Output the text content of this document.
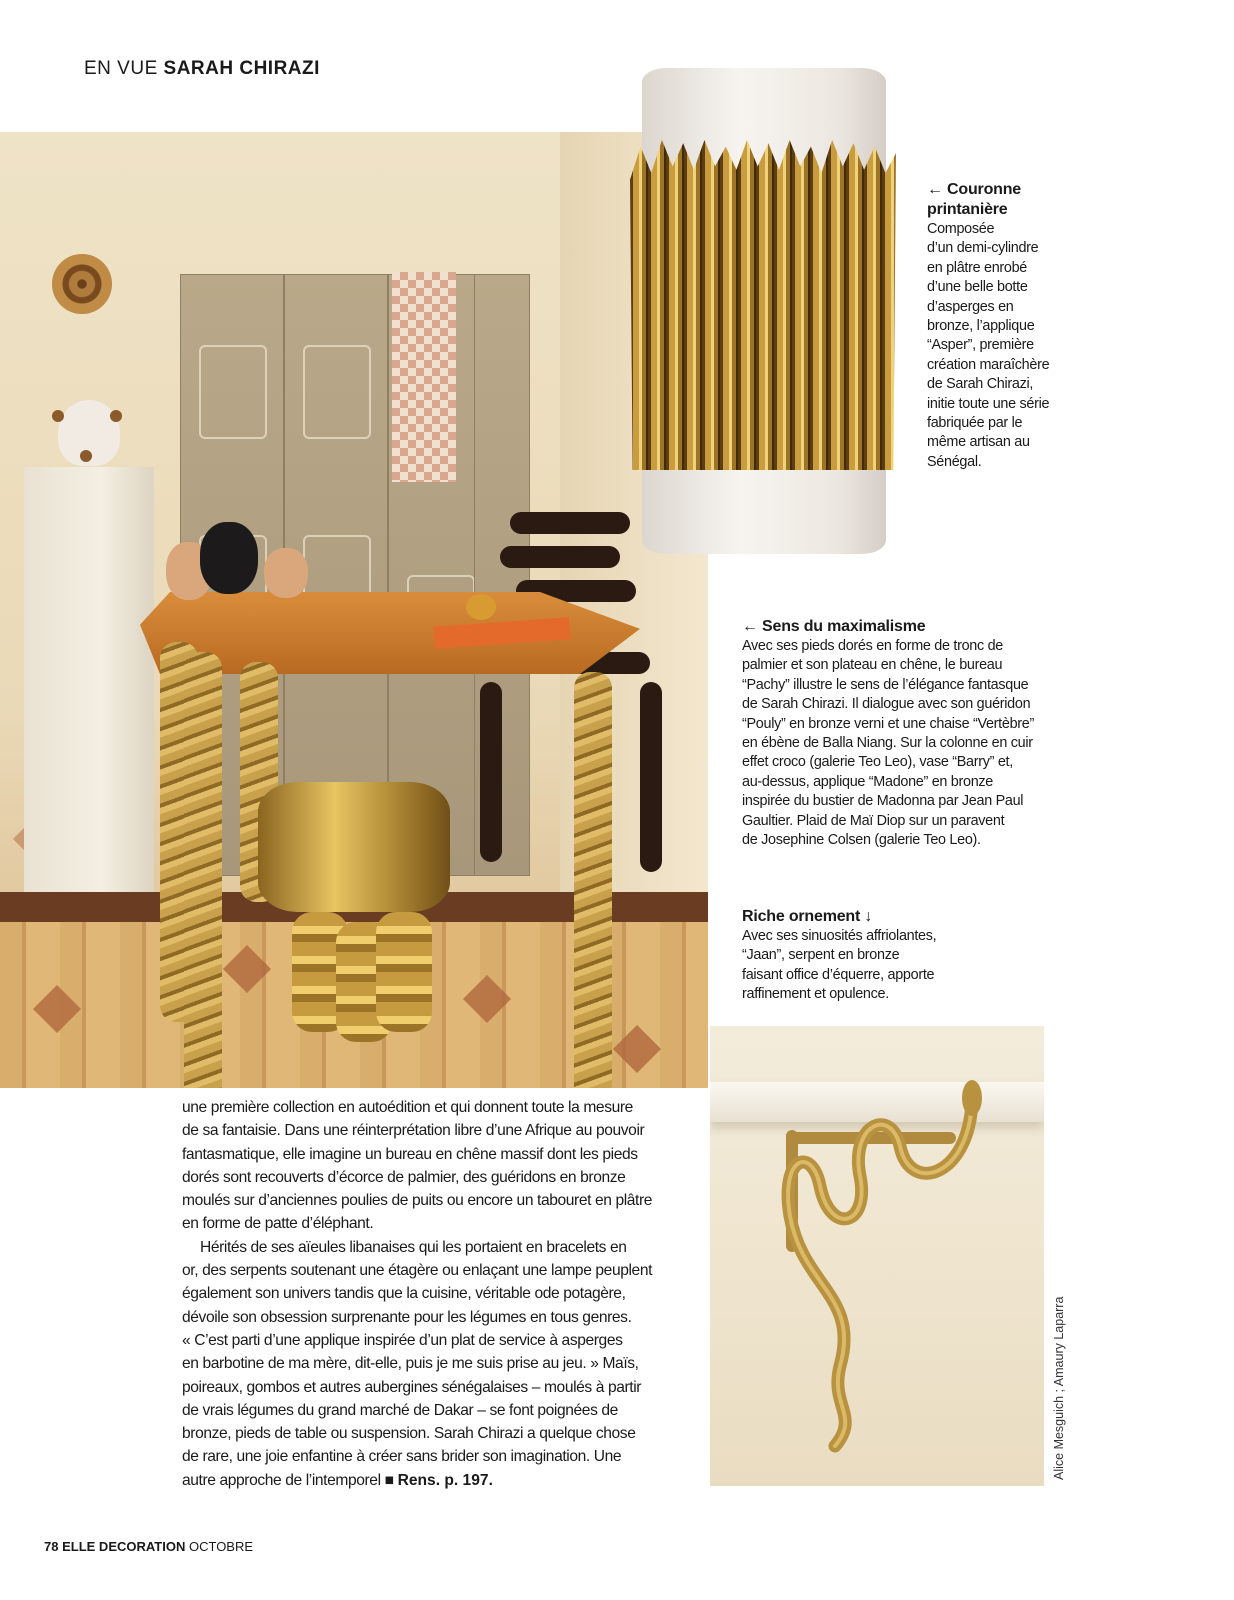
EN VUE SARAH CHIRAZI
← Couronne
printanière
Composée
d’un demi-cylindre
en plâtre enrobé
d’une belle botte
d’asperges en
bronze, l’applique
“Asper”, première
création maraîchère
de Sarah Chirazi,
initie toute une série
fabriquée par le
même artisan au
Sénégal.
← Sens du maximalisme
Avec ses pieds dorés en forme de tronc de
palmier et son plateau en chêne, le bureau
“Pachy” illustre le sens de l’élégance fantasque
de Sarah Chirazi. Il dialogue avec son guéridon
“Pouly” en bronze verni et une chaise “Vertèbre”
en ébène de Balla Niang. Sur la colonne en cuir
effet croco (galerie Teo Leo), vase “Barry” et,
au-dessus, applique “Madone” en bronze
inspirée du bustier de Madonna par Jean Paul
Gaultier. Plaid de Maï Diop sur un paravent
de Josephine Colsen (galerie Teo Leo).
Riche ornement ↓
Avec ses sinuosités affriolantes,
“Jaan”, serpent en bronze
faisant office d’équerre, apporte
raffinement et opulence.
une première collection en autoédition et qui donnent toute la mesure
de sa fantaisie. Dans une réinterprétation libre d’une Afrique au pouvoir
fantasmatique, elle imagine un bureau en chêne massif dont les pieds
dorés sont recouverts d’écorce de palmier, des guéridons en bronze
moulés sur d’anciennes poulies de puits ou encore un tabouret en plâtre
en forme de patte d’éléphant.
Hérités de ses aïeules libanaises qui les portaient en bracelets en
or, des serpents soutenant une étagère ou enlaçant une lampe peuplent
également son univers tandis que la cuisine, véritable ode potagère,
dévoile son obsession surprenante pour les légumes en tous genres.
« C’est parti d’une applique inspirée d’un plat de service à asperges
en barbotine de ma mère, dit-elle, puis je me suis prise au jeu. » Maïs,
poireaux, gombos et autres aubergines sénégalaises – moulés à partir
de vrais légumes du grand marché de Dakar – se font poignées de
bronze, pieds de table ou suspension. Sarah Chirazi a quelque chose
de rare, une joie enfantine à créer sans brider son imagination. Une
autre approche de l’intemporel ■ Rens. p. 197.
Alice Mesguich ; Amaury Laparra
78 ELLE DECORATION OCTOBRE
